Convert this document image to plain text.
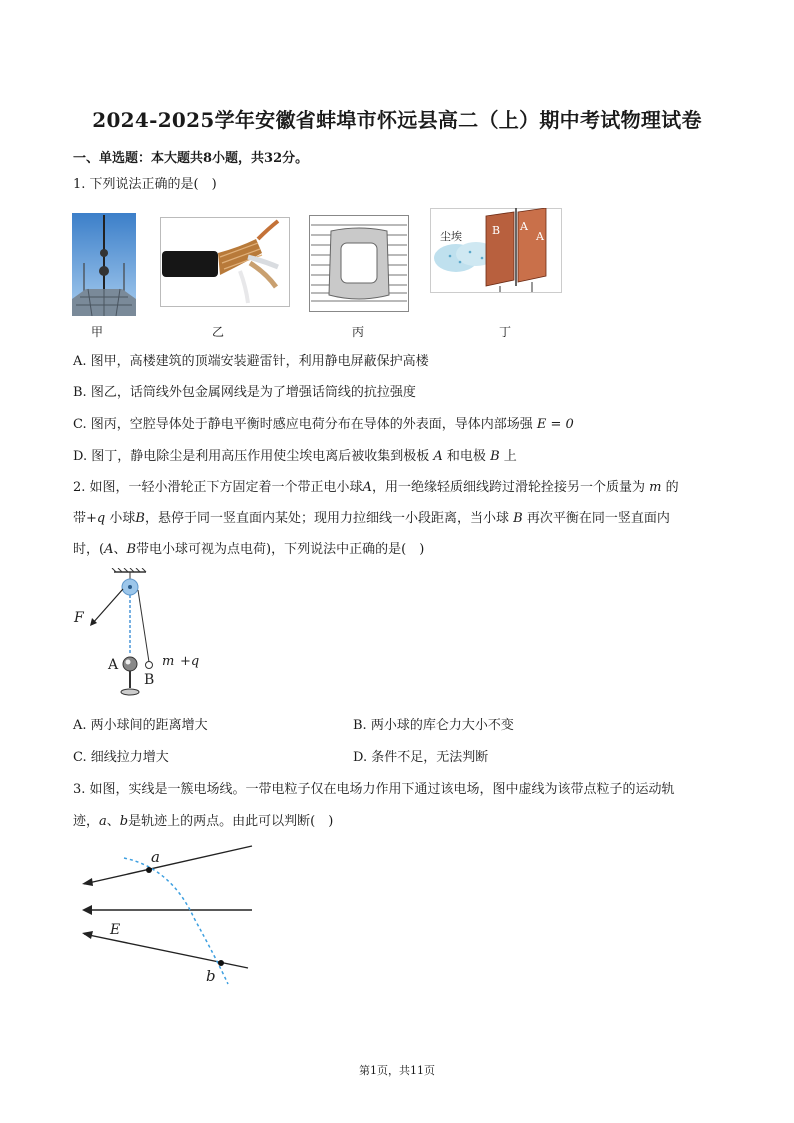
2024-2025学年安徽省蚌埠市怀远县高二（上）期中考试物理试卷
一、单选题：本大题共8小题，共32分。
1. 下列说法正确的是(　)
尘埃	B A
A
甲	乙	丙	丁
A. 图甲，高楼建筑的顶端安装避雷针，利用静电屏蔽保护高楼
B. 图乙，话筒线外包金属网线是为了增强话筒线的抗拉强度
C. 图丙，空腔导体处于静电平衡时感应电荷分布在导体的外表面，导体内部场强 E = 0
D. 图丁，静电除尘是利用高压作用使尘埃电离后被收集到极板 A 和电极 B 上
2. 如图，一轻小滑轮正下方固定着一个带正电小球A，用一绝缘轻质细线跨过滑轮拴接另一个质量为 m 的
带+q 小球B，悬停于同一竖直面内某处；现用力拉细线一小段距离，当小球 B 再次平衡在同一竖直面内
时，(A、B带电小球可视为点电荷)，下列说法中正确的是(　)
F
A
B
m +q
A. 两小球间的距离增大	B. 两小球的库仑力大小不变
C. 细线拉力增大	D. 条件不足，无法判断
3. 如图，实线是一簇电场线。一带电粒子仅在电场力作用下通过该电场，图中虚线为该带点粒子的运动轨
迹，a、b是轨迹上的两点。由此可以判断(　)
a
b
E
第1页，共11页
